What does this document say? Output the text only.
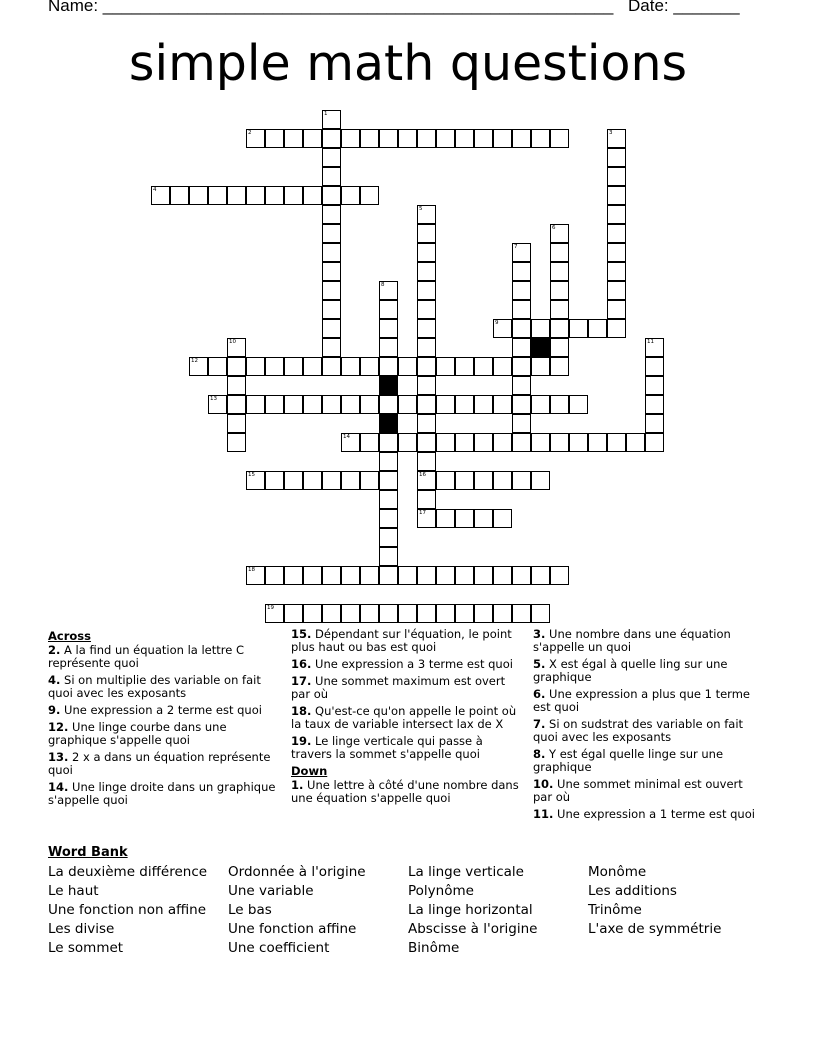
Name: ______________________________________________________ Date: _______
simple math questions
1
2	3
4
5
6
7
8
9
10	11
12
13
14
15	16
17
18
19
Across
2. A la find un équation la lettre C représente quoi
4. Si on multiplie des variable on fait quoi avec les exposants
9. Une expression a 2 terme est quoi
12. Une linge courbe dans une graphique s'appelle quoi
13. 2 x a dans un équation représente quoi
14. Une linge droite dans un graphique s'appelle quoi
15. Dépendant sur l'équation, le point plus haut ou bas est quoi
16. Une expression a 3 terme est quoi
17. Une sommet maximum est overt par où
18. Qu'est-ce qu'on appelle le point où la taux de variable intersect lax de X
19. Le linge verticale qui passe à travers la sommet s'appelle quoi
Down
1. Une lettre à côté d'une nombre dans une équation s'appelle quoi
3. Une nombre dans une équation s'appelle un quoi
5. X est égal à quelle ling sur une graphique
6. Une expression a plus que 1 terme est quoi
7. Si on sudstrat des variable on fait quoi avec les exposants
8. Y est égal quelle linge sur une graphique
10. Une sommet minimal est ouvert par où
11. Une expression a 1 terme est quoi
Word Bank
La deuxième différence
Le haut
Une fonction non affine
Les divise
Le sommet
Ordonnée à l'origine
Une variable
Le bas
Une fonction affine
Une coefficient
La linge verticale
Polynôme
La linge horizontal
Abscisse à l'origine
Binôme
Monôme
Les additions
Trinôme
L'axe de symmétrie
